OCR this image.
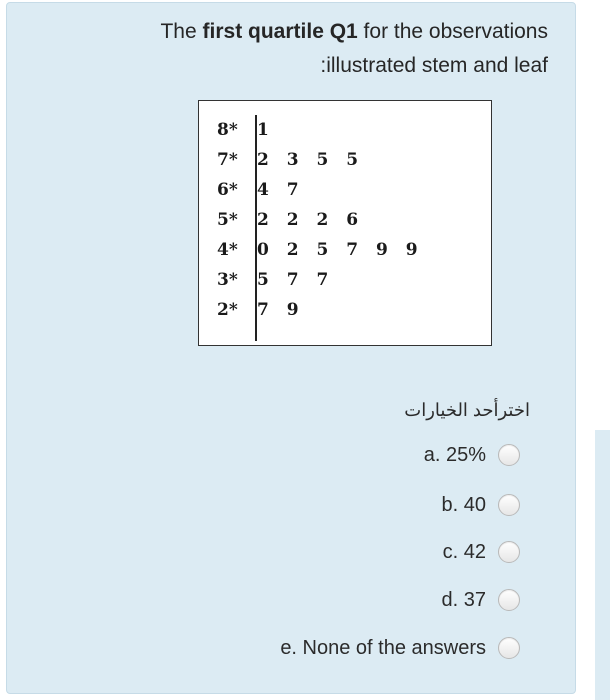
The first quartile Q1 for the observations
:illustrated stem and leaf
8* 1
7* 2 3 5 5
6* 4 7
5* 2 2 2 6
4* 0 2 5 7 9 9
3* 5 7 7
2* 7 9
اخترأحد الخيارات
a. 25%
b. 40
c. 42
d. 37
e. None of the answers
